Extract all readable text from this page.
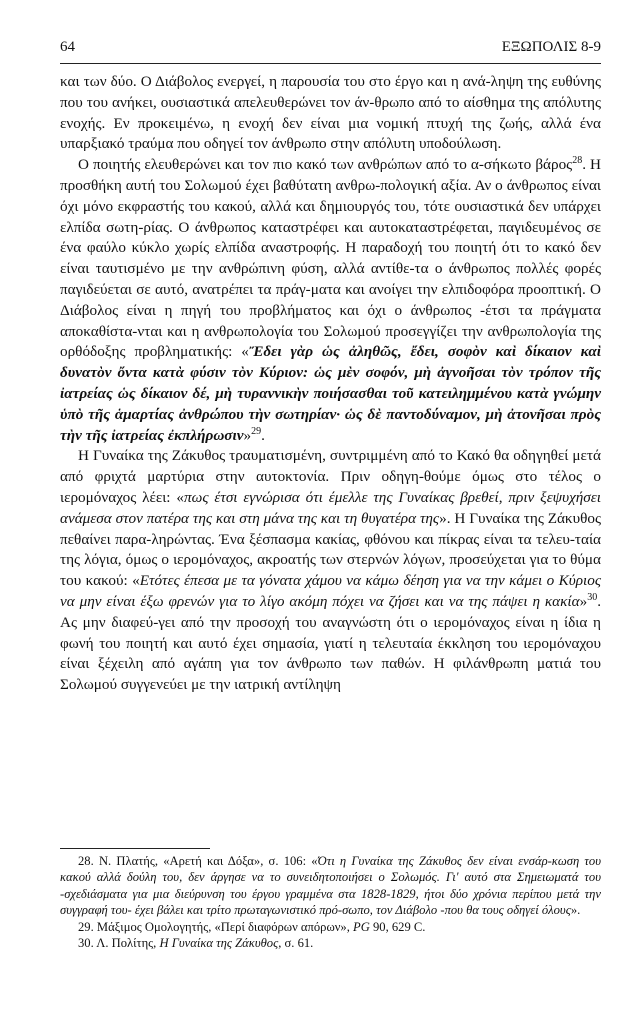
64	ΕΞΩΠΟΛΙΣ 8-9

και των δύο. Ο Διάβολος ενεργεί, η παρουσία του στο έργο και η ανά-ληψη της ευθύνης που του ανήκει, ουσιαστικά απελευθερώνει τον άν-θρωπο από το αίσθημα της απόλυτης ενοχής. Εν προκειμένω, η ενοχή δεν είναι μια νομική πτυχή της ζωής, αλλά ένα υπαρξιακό τραύμα που οδηγεί τον άνθρωπο στην απόλυτη υποδούλωση.

Ο ποιητής ελευθερώνει και τον πιο κακό των ανθρώπων από το α-σήκωτο βάρος$^{28}$. Η προσθήκη αυτή του Σολωμού έχει βαθύτατη ανθρω-πολογική αξία. Αν ο άνθρωπος είναι όχι μόνο εκφραστής του κακού, αλλά και δημιουργός του, τότε ουσιαστικά δεν υπάρχει ελπίδα σωτη-ρίας. Ο άνθρωπος καταστρέφει και αυτοκαταστρέφεται, παγιδευμένος σε ένα φαύλο κύκλο χωρίς ελπίδα αναστροφής. Η παραδοχή του ποιητή ότι το κακό δεν είναι ταυτισμένο με την ανθρώπινη φύση, αλλά αντίθε-τα ο άνθρωπος πολλές φορές παγιδεύεται σε αυτό, ανατρέπει τα πράγ-ματα και ανοίγει την ελπιδοφόρα προοπτική. Ο Διάβολος είναι η πηγή του προβλήματος και όχι ο άνθρωπος -έτσι τα πράγματα αποκαθίστα-νται και η ανθρωπολογία του Σολωμού προσεγγίζει την ανθρωπολογία της ορθόδοξης προβληματικής: «Ἔδει γὰρ ὡς ἀληθῶς, ἔδει, σοφὸν καὶ δίκαιον καὶ δυνατὸν ὄντα κατὰ φύσιν τὸν Κύριον: ὡς μὲν σοφόν, μὴ ἀγνοῆσαι τὸν τρόπον τῆς ἰατρείας ὡς δίκαιον δέ, μὴ τυραννικὴν ποιήσασθαι τοῦ κατειλημμένου κατὰ γνώμην ὑπὸ τῆς ἁμαρτίας ἀνθρώπου τὴν σωτηρίαν· ὡς δὲ παντοδύναμον, μὴ ἀτονῆσαι πρὸς τὴν τῆς ἰατρείας ἐκπλήρωσιν»$^{29}$.

Η Γυναίκα της Ζάκυθος τραυματισμένη, συντριμμένη από το Κακό θα οδηγηθεί μετά από φριχτά μαρτύρια στην αυτοκτονία. Πριν οδηγη-θούμε όμως στο τέλος ο ιερομόναχος λέει: «πως έτσι εγνώρισα ότι έμελλε της Γυναίκας βρεθεί, πριν ξεψυχήσει ανάμεσα στον πατέρα της και στη μάνα της και τη θυγατέρα της». Η Γυναίκα της Ζάκυθος πεθαίνει παρα-ληρώντας. Ένα ξέσπασμα κακίας, φθόνου και πίκρας είναι τα τελευ-ταία της λόγια, όμως ο ιερομόναχος, ακροατής των στερνών λόγων, προσεύχεται για το θύμα του κακού: «Ετότες έπεσα με τα γόνατα χάμου να κάμω δέηση για να την κάμει ο Κύριος να μην είναι έξω φρενών για το λίγο ακόμη πόχει να ζήσει και να της πάψει η κακία»$^{30}$. Ας μην διαφεύ-γει από την προσοχή του αναγνώστη ότι ο ιερομόναχος είναι η ίδια η φωνή του ποιητή και αυτό έχει σημασία, γιατί η τελευταία έκκληση του ιερομόναχου είναι ξέχειλη από αγάπη για τον άνθρωπο των παθών. Η φιλάνθρωπη ματιά του Σολωμού συγγενεύει με την ιατρική αντίληψη

28. Ν. Πλατής, «Αρετή και Δόξα», σ. 106: «Ότι η Γυναίκα της Ζάκυθος δεν είναι ενσάρ-κωση του κακού αλλά δούλη του, δεν άργησε να το συνειδητοποιήσει ο Σολωμός. Γι' αυτό στα Σημειωματά του -σχεδιάσματα για μια διεύρυνση του έργου γραμμένα στα 1828-1829, ήτοι δύο χρόνια περίπου μετά την συγγραφή του- έχει βάλει και τρίτο πρωταγωνιστικό πρό-σωπο, τον Διάβολο -που θα τους οδηγεί όλους».

29. Μάξιμος Ομολογητής, «Περί διαφόρων απόρων», PG 90, 629 C.

30. Λ. Πολίτης, Η Γυναίκα της Ζάκυθος, σ. 61.
